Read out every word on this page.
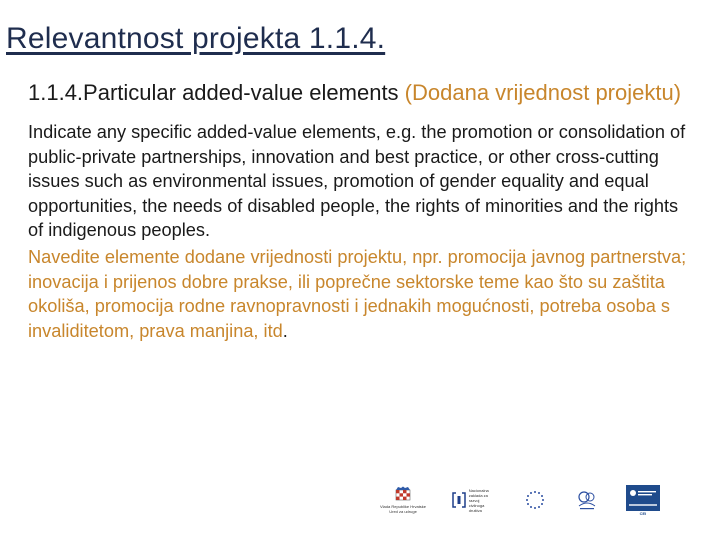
Relevantnost projekta 1.1.4.

1.1.4.Particular added-value elements (Dodana vrijednost projektu)

Indicate any specific added-value elements, e.g. the promotion or consolidation of public-private partnerships, innovation and best practice, or other cross-cutting issues such as environmental issues, promotion of gender equality and equal opportunities, the needs of disabled people, the rights of minorities and the rights of indigenous peoples.

Navedite elemente dodane vrijednosti projektu, npr. promocija javnog partnerstva; inovacija i prijenos dobre prakse, ili poprečne sektorske teme kao što su zaštita okoliša, promocija rodne ravnopravnosti i jednakih mogućnosti, potreba osoba s invaliditetom, prava manjina, itd.

Vlada Republike Hrvatske
Ured za udruge
Nacionalna zaklada za razvoj civilnoga društva
CEI
